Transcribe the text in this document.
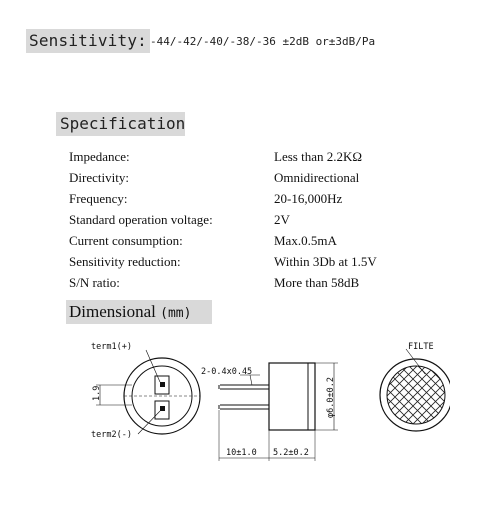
Sensitivity: -44/-42/-40/-38/-36 ±2dB or±3dB/Pa
Specification
Impedance:	Less than 2.2KΩ
Directivity:	Omnidirectional
Frequency:	20-16,000Hz
Standard operation voltage:	2V
Current consumption:	Max.0.5mA
Sensitivity reduction:	Within 3Db at 1.5V
S/N ratio:	More than 58dB
Dimensional (mm)
1.9
term1(+)
term2(-)
φ6.0±0.2
2-0.4x0.45
10±1.0 5.2±0.2
FILTE
